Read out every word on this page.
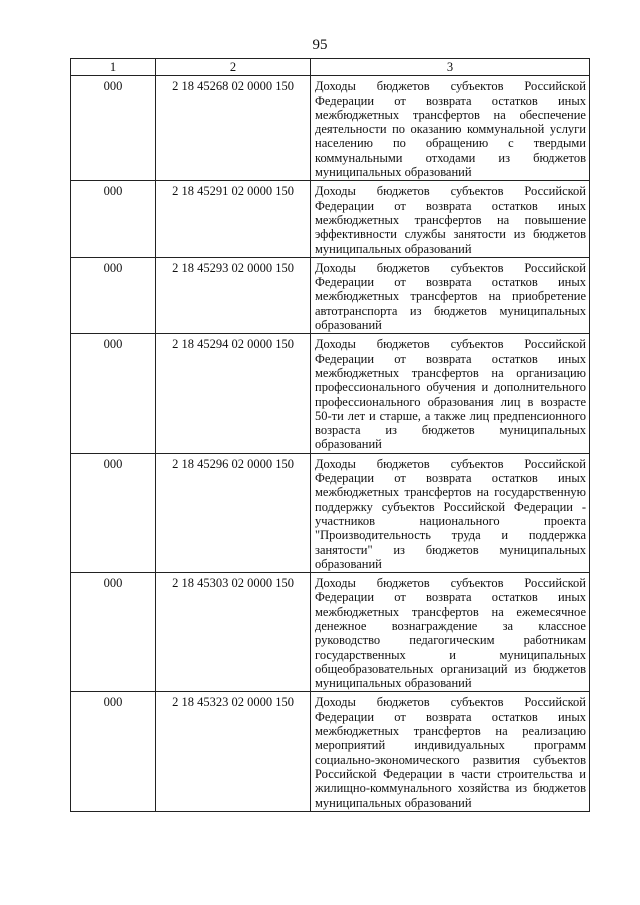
95
1	2	3
000	2 18 45268 02 0000 150	Доходы бюджетов субъектов Российской Федерации от возврата остатков иных межбюджетных трансфертов на обеспечение деятельности по оказанию коммунальной услуги населению по обращению с твердыми коммунальными отходами из бюджетов муниципальных образований
000	2 18 45291 02 0000 150	Доходы бюджетов субъектов Российской Федерации от возврата остатков иных межбюджетных трансфертов на повышение эффективности службы занятости из бюджетов муниципальных образований
000	2 18 45293 02 0000 150	Доходы бюджетов субъектов Российской Федерации от возврата остатков иных межбюджетных трансфертов на приобретение автотранспорта из бюджетов муниципальных образований
000	2 18 45294 02 0000 150	Доходы бюджетов субъектов Российской Федерации от возврата остатков иных межбюджетных трансфертов на организацию профессионального обучения и дополнительного профессионального образования лиц в возрасте 50-ти лет и старше, а также лиц предпенсионного возраста из бюджетов муниципальных образований
000	2 18 45296 02 0000 150	Доходы бюджетов субъектов Российской Федерации от возврата остатков иных межбюджетных трансфертов на государственную поддержку субъектов Российской Федерации - участников национального проекта "Производительность труда и поддержка занятости" из бюджетов муниципальных образований
000	2 18 45303 02 0000 150	Доходы бюджетов субъектов Российской Федерации от возврата остатков иных межбюджетных трансфертов на ежемесячное денежное вознаграждение за классное руководство педагогическим работникам государственных и муниципальных общеобразовательных организаций из бюджетов муниципальных образований
000	2 18 45323 02 0000 150	Доходы бюджетов субъектов Российской Федерации от возврата остатков иных межбюджетных трансфертов на реализацию мероприятий индивидуальных программ социально-экономического развития субъектов Российской Федерации в части строительства и жилищно-коммунального хозяйства из бюджетов муниципальных образований
